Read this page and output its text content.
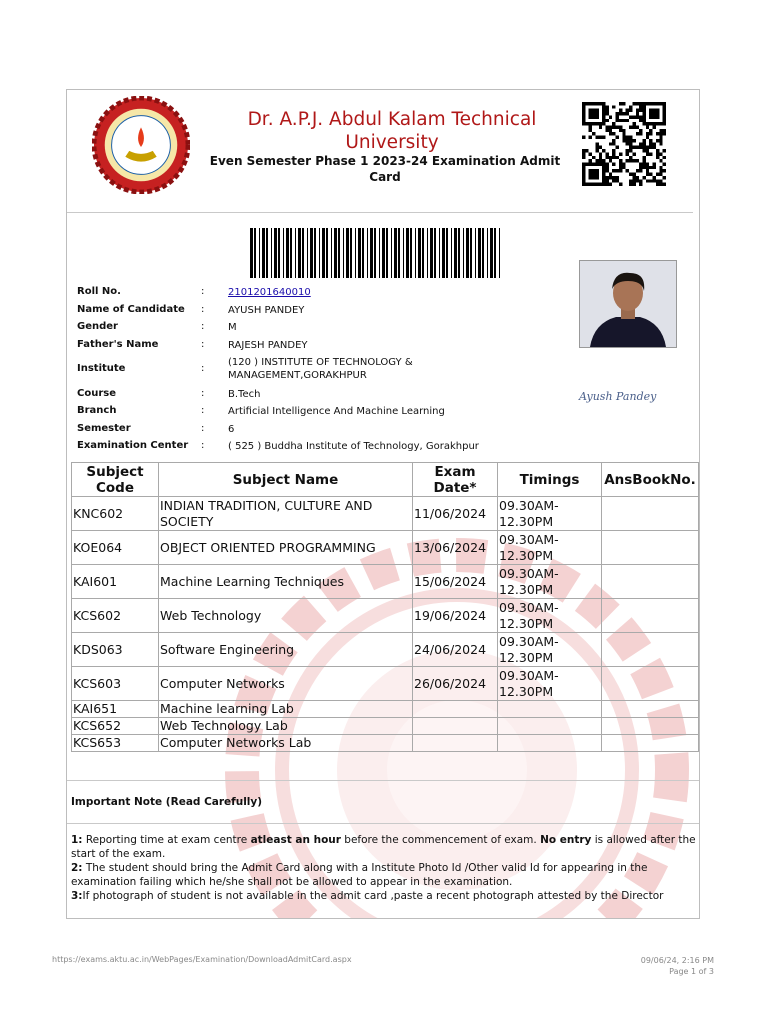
Dr. A.P.J. Abdul Kalam Technical University
Even Semester Phase 1 2023-24 Examination Admit Card
Roll No.	: 2101201640010
Name of Candidate : AYUSH PANDEY
Gender	: M
Father's Name	: RAJESH PANDEY
Institute	:
(120 ) INSTITUTE OF TECHNOLOGY & MANAGEMENT,GORAKHPUR
Course	: B.Tech
Branch	: Artificial Intelligence And Machine Learning
Semester	: 6
Examination Center : ( 525 ) Buddha Institute of Technology, Gorakhpur
Ayush Pandey
Subject Code	Subject Name	Exam Date*	Timings	AnsBookNo.
KNC602	INDIAN TRADITION, CULTURE AND SOCIETY	11/06/2024	09.30AM-12.30PM	
KOE064	OBJECT ORIENTED PROGRAMMING	13/06/2024	09.30AM-12.30PM	
KAI601	Machine Learning Techniques	15/06/2024	09.30AM-12.30PM	
KCS602	Web Technology	19/06/2024	09.30AM-12.30PM	
KDS063	Software Engineering	24/06/2024	09.30AM-12.30PM	
KCS603	Computer Networks	26/06/2024	09.30AM-12.30PM	
KAI651	Machine learning Lab			
KCS652	Web Technology Lab			
KCS653	Computer Networks Lab			
Important Note (Read Carefully)

1: Reporting time at exam centre atleast an hour before the commencement of exam. No entry is allowed after the start of the exam.

2: The student should bring the Admit Card along with a Institute Photo Id /Other valid Id for appearing in the examination failing which he/she shall not be allowed to appear in the examination.

3:If photograph of student is not available in the admit card ,paste a recent photograph attested by the Director

https://exams.aktu.ac.in/WebPages/Examination/DownloadAdmitCard.aspx	09/06/24, 2:16 PM
Page 1 of 3
